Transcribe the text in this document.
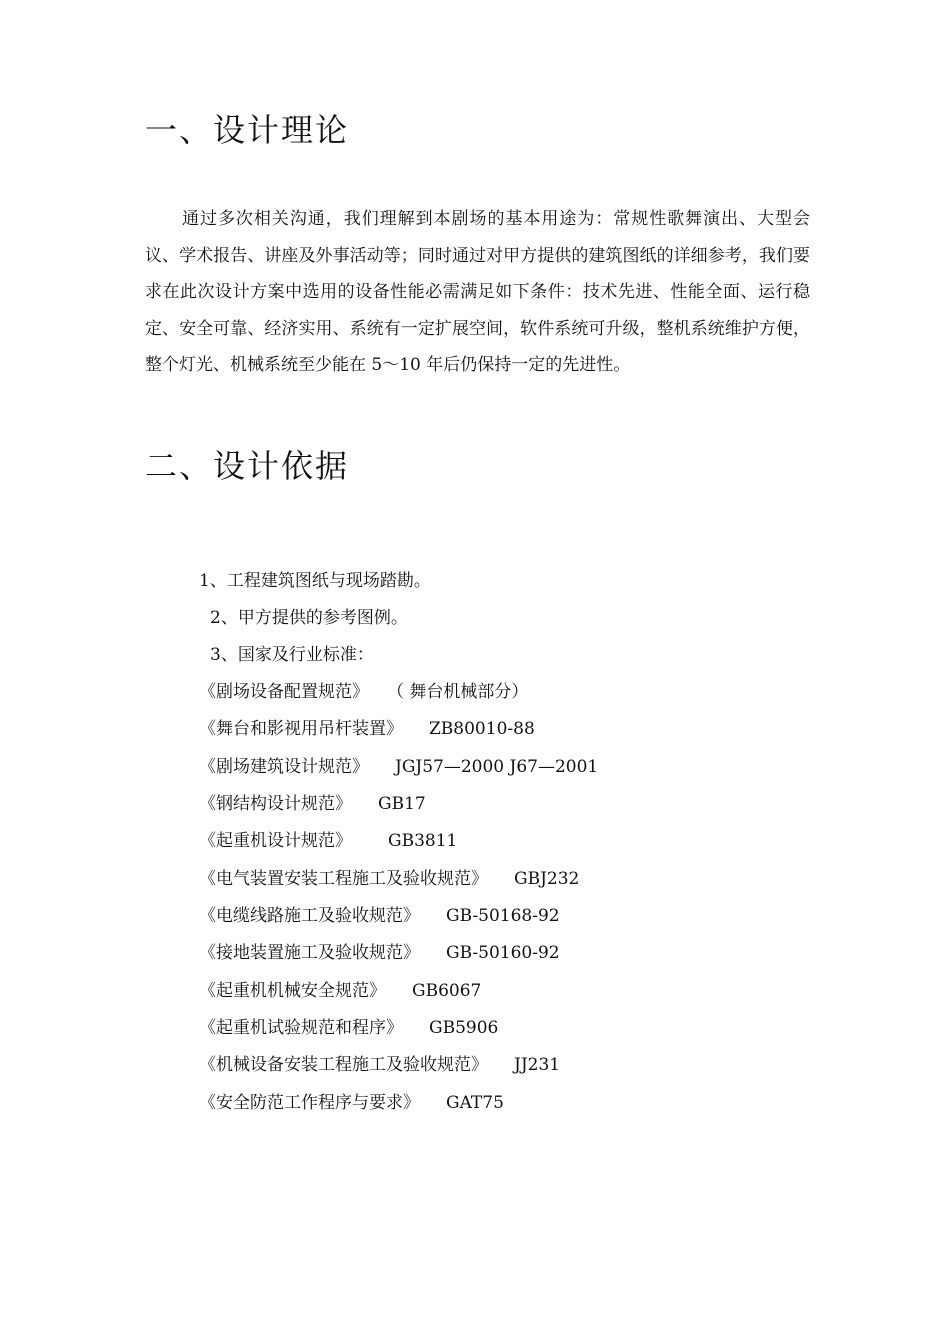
一、设计理论

通过多次相关沟通，我们理解到本剧场的基本用途为：常规性歌舞演出、大型会议、学术报告、讲座及外事活动等；同时通过对甲方提供的建筑图纸的详细参考，我们要求在此次设计方案中选用的设备性能必需满足如下条件：技术先进、性能全面、运行稳定、安全可靠、经济实用、系统有一定扩展空间，软件系统可升级，整机系统维护方便，整个灯光、机械系统至少能在 5～10 年后仍保持一定的先进性。

二、设计依据

1、工程建筑图纸与现场踏勘。

2、甲方提供的参考图例。

3、国家及行业标准：

《剧场设备配置规范》 （ 舞台机械部分）

《舞台和影视用吊杆装置》 ZB80010-88

《剧场建筑设计规范》 JGJ57—2000 J67—2001

《钢结构设计规范》 GB17

《起重机设计规范》 GB3811

《电气装置安装工程施工及验收规范》 GBJ232

《电缆线路施工及验收规范》 GB-50168-92

《接地装置施工及验收规范》 GB-50160-92

《起重机机械安全规范》 GB6067

《起重机试验规范和程序》 GB5906

《机械设备安装工程施工及验收规范》 JJ231

《安全防范工作程序与要求》 GAT75
